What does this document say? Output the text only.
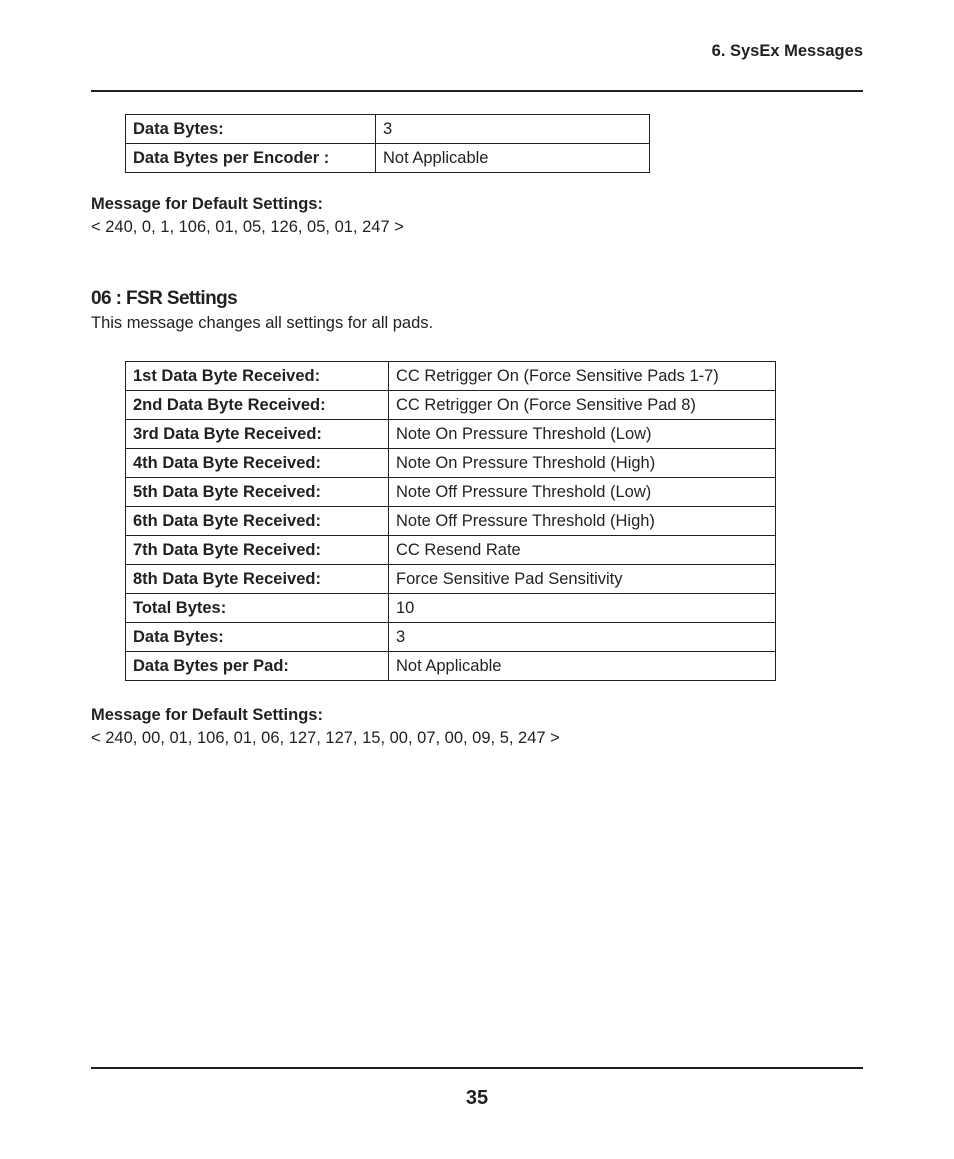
6. SysEx Messages
Data Bytes:	3
Data Bytes per Encoder :	Not Applicable
Message for Default Settings:
< 240, 0, 1, 106, 01, 05, 126, 05, 01, 247 >
06 : FSR Settings
This message changes all settings for all pads.
1st Data Byte Received:	CC Retrigger On (Force Sensitive Pads 1-7)
2nd Data Byte Received:	CC Retrigger On (Force Sensitive Pad 8)
3rd Data Byte Received:	Note On Pressure Threshold (Low)
4th Data Byte Received:	Note On Pressure Threshold (High)
5th Data Byte Received:	Note Off Pressure Threshold (Low)
6th Data Byte Received:	Note Off Pressure Threshold (High)
7th Data Byte Received:	CC Resend Rate
8th Data Byte Received:	Force Sensitive Pad Sensitivity
Total Bytes:	10
Data Bytes:	3
Data Bytes per Pad:	Not Applicable
Message for Default Settings:
< 240, 00, 01, 106, 01, 06, 127, 127, 15, 00, 07, 00, 09, 5, 247 >
35
